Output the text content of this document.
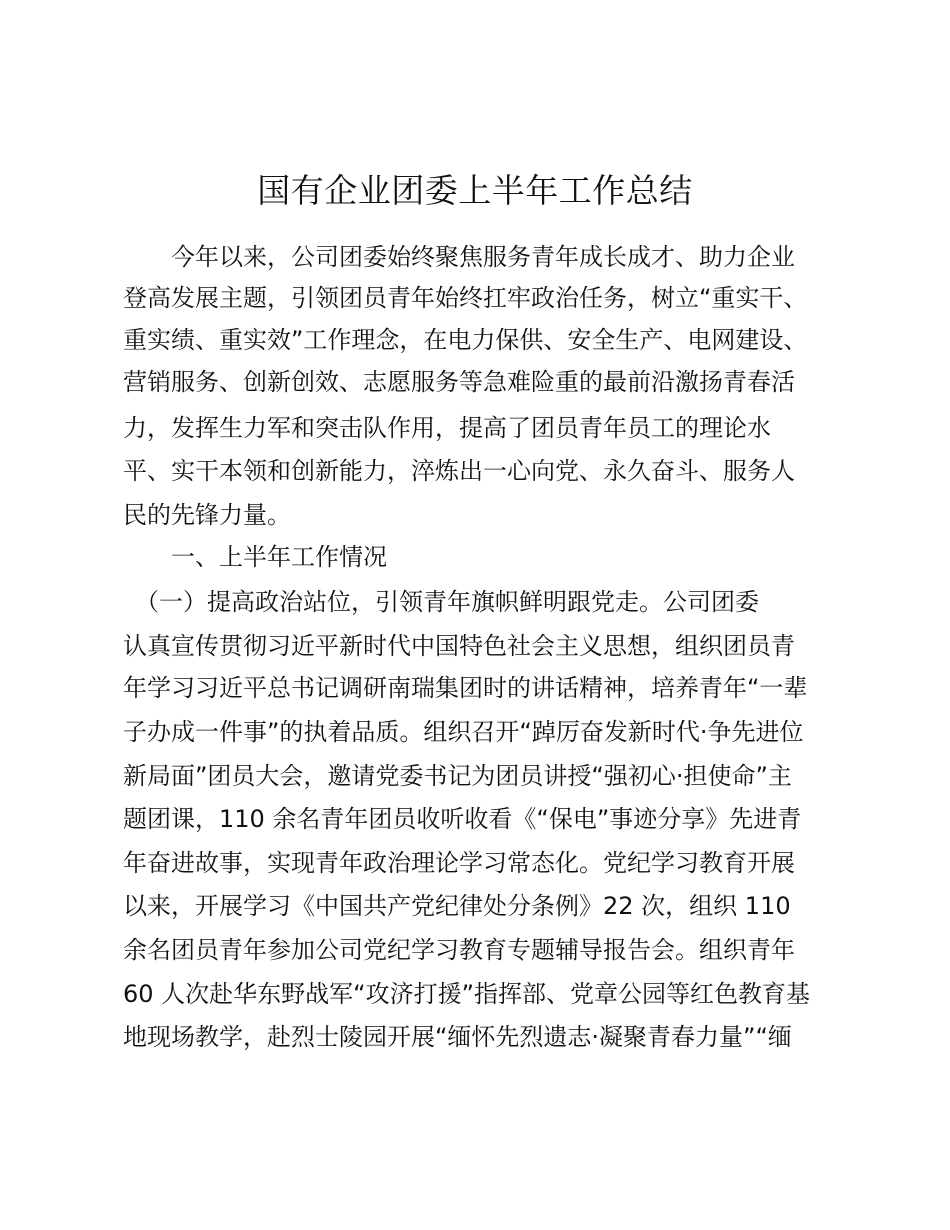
国有企业团委上半年工作总结

　　今年以来，公司团委始终聚焦服务青年成长成才、助力企业

登高发展主题，引领团员青年始终扛牢政治任务，树立“重实干、

重实绩、重实效”工作理念，在电力保供、安全生产、电网建设、

营销服务、创新创效、志愿服务等急难险重的最前沿激扬青春活

力，发挥生力军和突击队作用，提高了团员青年员工的理论水

平、实干本领和创新能力，淬炼出一心向党、永久奋斗、服务人

民的先锋力量。

　　一、上半年工作情况

　（一）提高政治站位，引领青年旗帜鲜明跟党走。公司团委

认真宣传贯彻习近平新时代中国特色社会主义思想，组织团员青

年学习习近平总书记调研南瑞集团时的讲话精神，培养青年“一辈

子办成一件事”的执着品质。组织召开“踔厉奋发新时代·争先进位

新局面”团员大会，邀请党委书记为团员讲授“强初心·担使命”主

题团课，110 余名青年团员收听收看《“保电”事迹分享》先进青

年奋进故事，实现青年政治理论学习常态化。党纪学习教育开展

以来，开展学习《中国共产党纪律处分条例》22 次，组织 110

余名团员青年参加公司党纪学习教育专题辅导报告会。组织青年

60 人次赴华东野战军“攻济打援”指挥部、党章公园等红色教育基

地现场教学，赴烈士陵园开展“缅怀先烈遗志·凝聚青春力量”“缅
